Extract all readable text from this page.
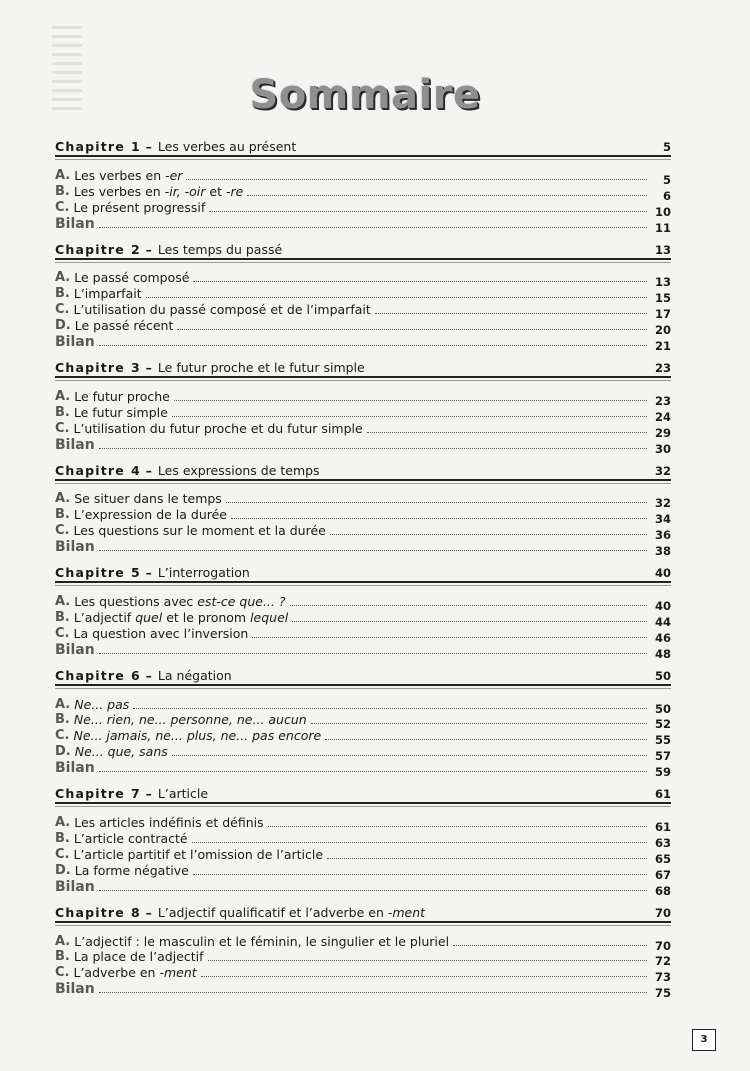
Sommaire
Chapitre 1 – Les verbes au présent	5
A. Les verbes en -er	5
B. Les verbes en -ir, -oir et -re	6
C. Le présent progressif	10
Bilan	11
Chapitre 2 – Les temps du passé	13
A. Le passé composé	13
B. L’imparfait	15
C. L’utilisation du passé composé et de l’imparfait	17
D. Le passé récent	20
Bilan	21
Chapitre 3 – Le futur proche et le futur simple	23
A. Le futur proche	23
B. Le futur simple	24
C. L’utilisation du futur proche et du futur simple	29
Bilan	30
Chapitre 4 – Les expressions de temps	32
A. Se situer dans le temps	32
B. L’expression de la durée	34
C. Les questions sur le moment et la durée	36
Bilan	38
Chapitre 5 – L’interrogation	40
A. Les questions avec est-ce que... ?	40
B. L’adjectif quel et le pronom lequel	44
C. La question avec l’inversion	46
Bilan	48
Chapitre 6 – La négation	50
A. Ne... pas	50
B. Ne... rien, ne... personne, ne... aucun	52
C. Ne... jamais, ne... plus, ne... pas encore	55
D. Ne... que, sans	57
Bilan	59
Chapitre 7 – L’article	61
A. Les articles indéfinis et définis	61
B. L’article contracté	63
C. L’article partitif et l’omission de l’article	65
D. La forme négative	67
Bilan	68
Chapitre 8 – L’adjectif qualificatif et l’adverbe en -ment	70
A. L’adjectif : le masculin et le féminin, le singulier et le pluriel	70
B. La place de l’adjectif	72
C. L’adverbe en -ment	73
Bilan	75
3
